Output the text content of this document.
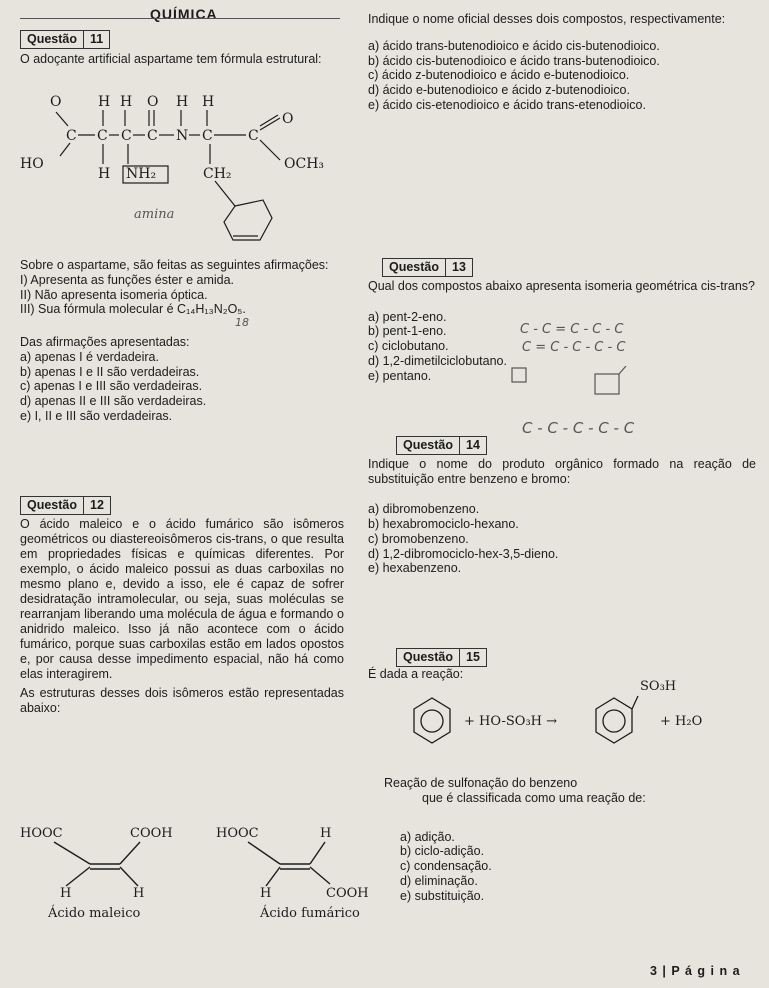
QUÍMICA
Questão 11
O adoçante artificial aspartame tem fórmula estrutural:
H H O H H
O
C C C C N C	C
HO
H NH₂	CH₂
OCH₃
O
amina
Sobre o aspartame, são feitas as seguintes afirmações:
I) Apresenta as funções éster e amida.
II) Não apresenta isomeria óptica.
III) Sua fórmula molecular é C₁₄H₁₃N₂O₅.
18
Das afirmações apresentadas:
a) apenas I é verdadeira.
b) apenas I e II são verdadeiras.
c) apenas I e III são verdadeiras.
d) apenas II e III são verdadeiras.
e) I, II e III são verdadeiras.
Questão 12
O ácido maleico e o ácido fumárico são isômeros geométricos ou diastereoisômeros cis-trans, o que resulta em propriedades físicas e químicas diferentes. Por exemplo, o ácido maleico possui as duas carboxilas no mesmo plano e, devido a isso, ele é capaz de sofrer desidratação intramolecular, ou seja, suas moléculas se rearranjam liberando uma molécula de água e formando o anidrido maleico. Isso já não acontece com o ácido fumárico, porque suas carboxilas estão em lados opostos e, por causa desse impedimento espacial, não há como elas interagirem.
As estruturas desses dois isômeros estão representadas abaixo:
HOOC	COOH
H	H
Ácido maleico
HOOC	H
H	COOH
Ácido fumárico
Indique o nome oficial desses dois compostos, respectivamente:
a) ácido trans-butenodioico e ácido cis-butenodioico.
b) ácido cis-butenodioico e ácido trans-butenodioico.
c) ácido z-butenodioico e ácido e-butenodioico.
d) ácido e-butenodioico e ácido z-butenodioico.
e) ácido cis-etenodioico e ácido trans-etenodioico.
Questão 13
Qual dos compostos abaixo apresenta isomeria geométrica cis-trans?
a) pent-2-eno.
b) pent-1-eno.
c) ciclobutano.
d) 1,2-dimetilciclobutano.
e) pentano.
C - C = C - C - C
C = C - C - C - C
C - C - C - C - C
Questão 14
Indique o nome do produto orgânico formado na reação de substituição entre benzeno e bromo:
a) dibromobenzeno.
b) hexabromociclo-hexano.
c) bromobenzeno.
d) 1,2-dibromociclo-hex-3,5-dieno.
e) hexabenzeno.
Questão 15
É dada a reação:
+ HO-SO₃H →
SO₃H
+ H₂O
Reação de sulfonação do benzeno
que é classificada como uma reação de:
a) adição.
b) ciclo-adição.
c) condensação.
d) eliminação.
e) substituição.
3 | P á g i n a
